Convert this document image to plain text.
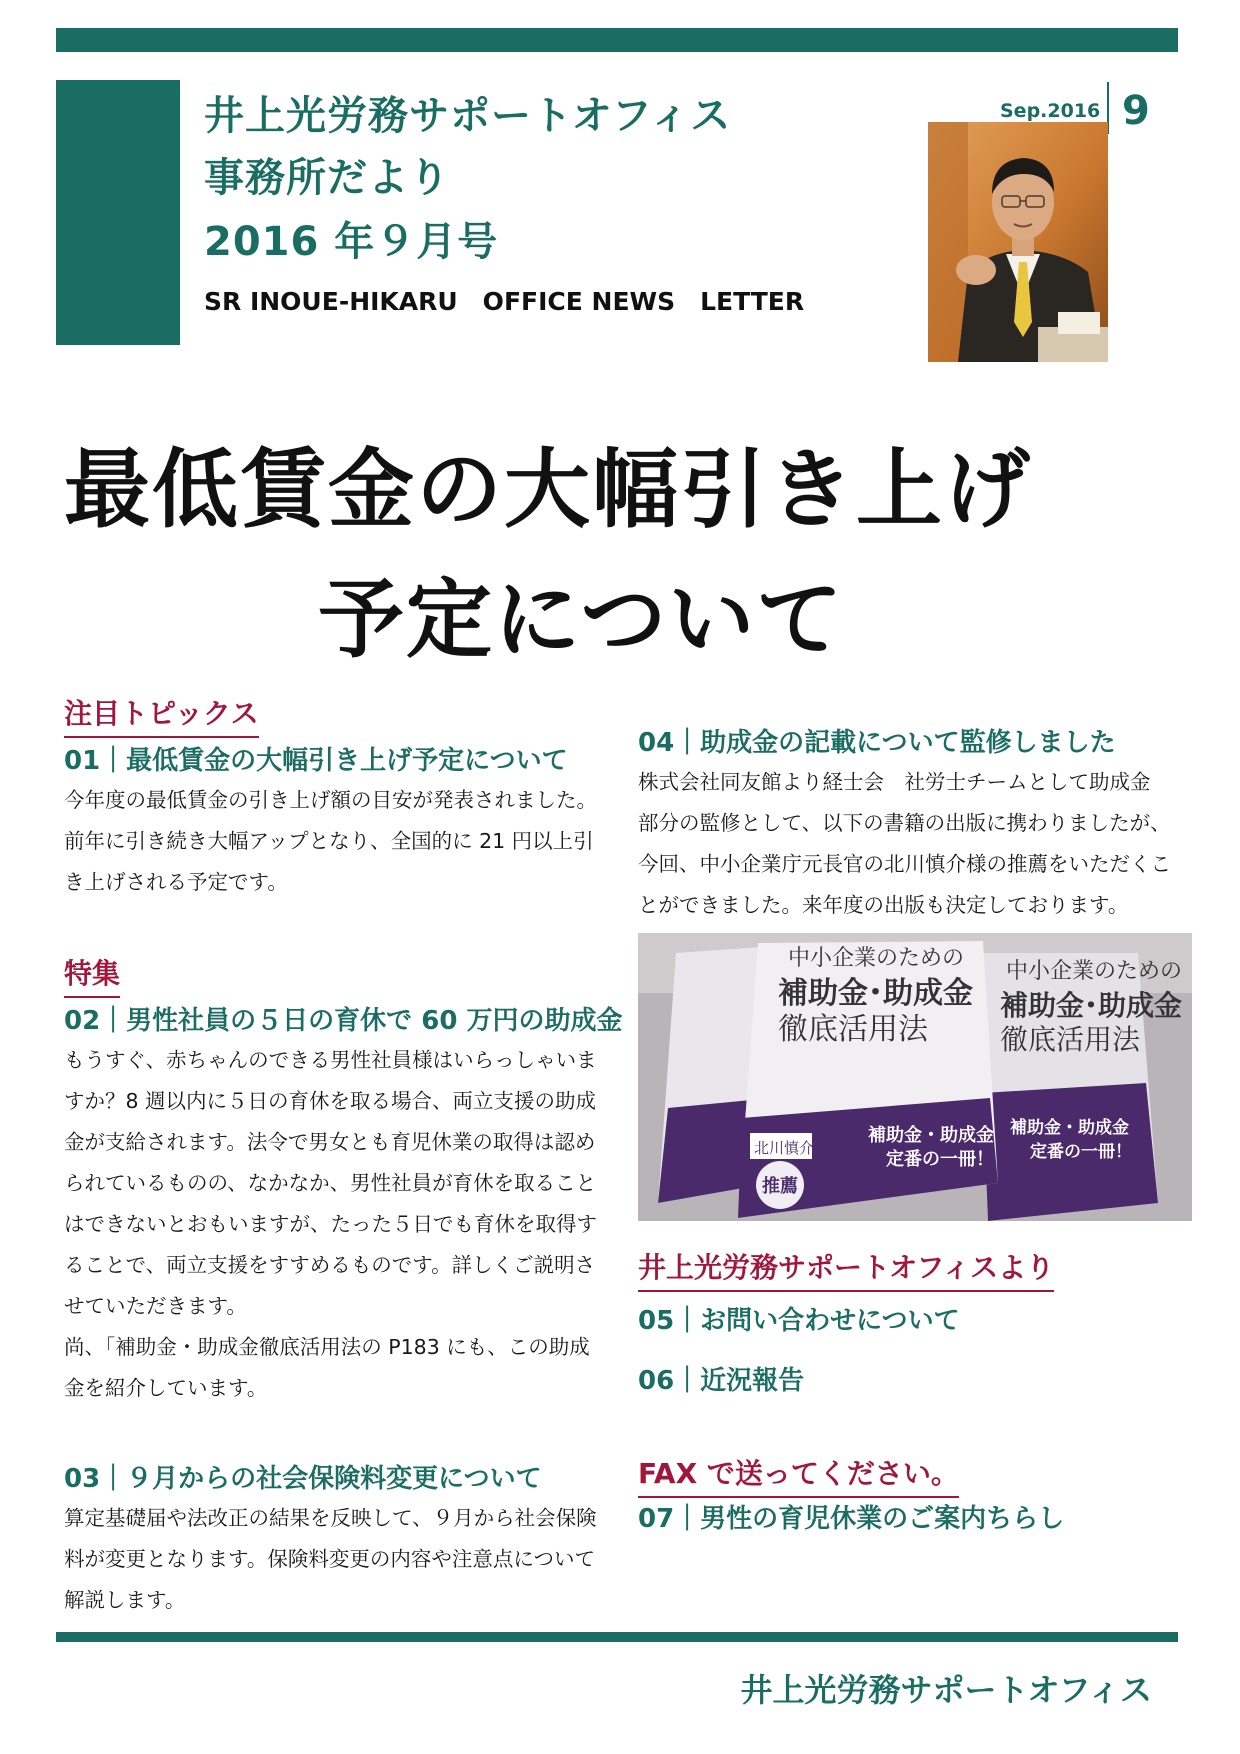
井上光労務サポートオフィス
事務所だより
2016 年９月号
SR INOUE-HIKARU　OFFICE NEWS　LETTER
Sep.2016 9
最低賃金の大幅引き上げ
予定について
注目トピックス
01｜最低賃金の大幅引き上げ予定について
今年度の最低賃金の引き上げ額の目安が発表されました。
前年に引き続き大幅アップとなり、全国的に 21 円以上引
き上げされる予定です。
特集
02｜男性社員の５日の育休で 60 万円の助成金
もうすぐ、赤ちゃんのできる男性社員様はいらっしゃいま
すか？8 週以内に５日の育休を取る場合、両立支援の助成
金が支給されます。法令で男女とも育児休業の取得は認め
られているものの、なかなか、男性社員が育休を取ること
はできないとおもいますが、たった５日でも育休を取得す
ることで、両立支援をすすめるものです。詳しくご説明さ
せていただきます。
尚、「補助金・助成金徹底活用法の P183 にも、この助成
金を紹介しています。
03｜９月からの社会保険料変更について
算定基礎届や法改正の結果を反映して、９月から社会保険
料が変更となります。保険料変更の内容や注意点について
解説します。
04｜助成金の記載について監修しました
株式会社同友館より経士会　社労士チームとして助成金
部分の監修として、以下の書籍の出版に携わりましたが、
今回、中小企業庁元長官の北川慎介様の推薦をいただくこ
とができました。来年度の出版も決定しております。
中小企業のための
補助金･助成金
徹底活用法
補助金・助成金
定番の一冊！
中小企業のための
補助金･助成金
徹底活用法
補助金・助成金
定番の一冊！
北川慎介
推薦
井上光労務サポートオフィスより
05｜お問い合わせについて
06｜近況報告
FAX で送ってください。
07｜男性の育児休業のご案内ちらし
井上光労務サポートオフィス
